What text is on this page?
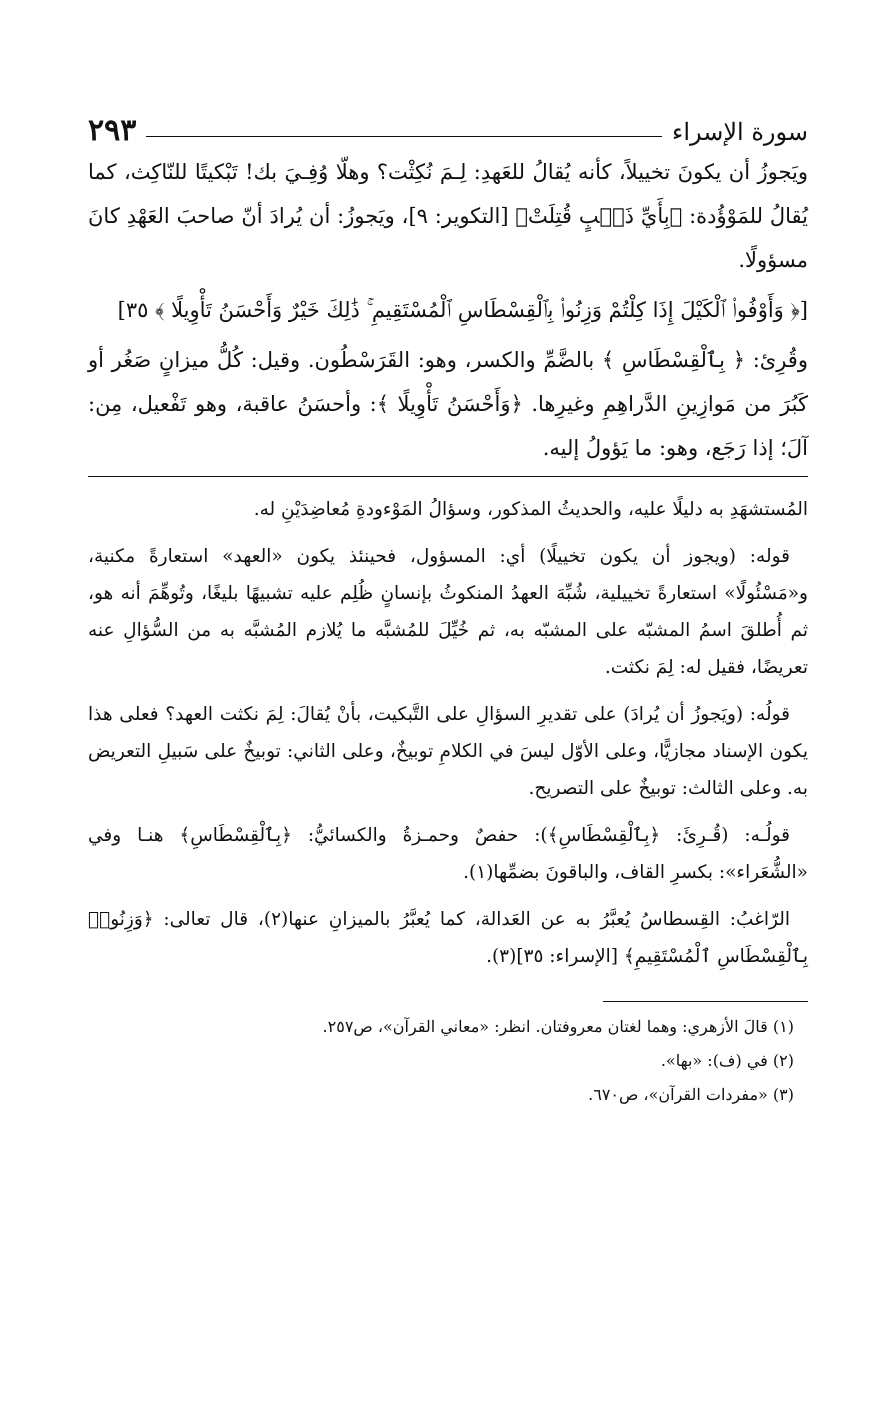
سورة الإسراء
٢٩٣

ويَجوزُ أن يكونَ تخييلاً، كأنه يُقالُ للعَهدِ: لِـمَ نُكِثْت؟ وهلّا وُفِـيَ بك! تَبْكيتًا للنّاكِث، كما يُقالُ للمَوْؤُدة: ﴿بِأَيِّ ذَنۢبٍ قُتِلَتْ﴾ [التكوير: ٩]، ويَجوزُ: أن يُرادَ أنّ صاحبَ العَهْدِ كانَ مسؤولًا.

[﴿ وَأَوْفُوا۟ ٱلْكَيْلَ إِذَا كِلْتُمْ وَزِنُوا۟ بِٱلْقِسْطَاسِ ٱلْمُسْتَقِيمِ ۚ ذَٰلِكَ خَيْرٌ وَأَحْسَنُ تَأْوِيلًا ﴾ ٣٥]

وقُرِئ: ﴿ بِٱلْقِسْطَاسِ ﴾ بالضَّمِّ والكسر، وهو: القَرَسْطُون. وقيل: كُلُّ ميزانٍ صَغُر أو كَبُرَ من مَوازِينِ الدَّراهِمِ وغيرِها. ﴿وَأَحْسَنُ تَأْوِيلًا ﴾: وأحسَنُ عاقبة، وهو تَفْعيل، مِن: آلَ؛ إذا رَجَع، وهو: ما يَؤولُ إليه.

المُستشهَدِ به دليلًا عليه، والحديثُ المذكور، وسؤالُ المَوْءودةِ مُعاضِدَيْنِ له.

قوله: (ويجوز أن يكون تخييلًا) أي: المسؤول، فحينئذ يكون «العهد» استعارةً مكنية، و«مَسْئُولًا» استعارةً تخييلية، شُبِّهَ العهدُ المنكوثُ بإنسانٍ ظُلِم عليه تشبيهًا بليغًا، وتُوهِّمَ أنه هو، ثم أُطلقَ اسمُ المشبّه على المشبّه به، ثم خُيِّلَ للمُشبَّه ما يُلازم المُشبَّه به من السُّؤالِ عنه تعريضًا، فقيل له: لِمَ نكثت.

قولُه: (ويَجوزُ أن يُرادَ) على تقديرِ السؤالِ على التَّبكيت، بأنْ يُقالَ: لِمَ نكثت العهد؟ فعلى هذا يكون الإسناد مجازيًّا، وعلى الأوّل ليسَ في الكلامِ توبيخٌ، وعلى الثاني: توبيخٌ على سَبيلِ التعريض به. وعلى الثالث: توبيخٌ على التصريح.

قولُـه: (قُـرِئَ: ﴿بِٱلْقِسْطَاسِ﴾): حفصٌ وحمـزةُ والكسائيُّ: ﴿بِٱلْقِسْطَاسِ﴾ هنـا وفي «الشُّعَراء»: بكسرِ القاف، والباقونَ بضمِّها(١).

الرّاغبُ: القِسطاسُ يُعبَّرُ به عن العَدالة، كما يُعبَّرُ بالميزانِ عنها(٢)، قال تعالى: ﴿وَزِنُوا۟ بِٱلْقِسْطَاسِ ٱلْمُسْتَقِيمِ﴾ [الإسراء: ٣٥](٣).

(١) قالَ الأزهري: وهما لغتان معروفتان. انظر: «معاني القرآن»، ص٢٥٧.
(٢) في (ف): «بها».
(٣) «مفردات القرآن»، ص٦٧٠.
